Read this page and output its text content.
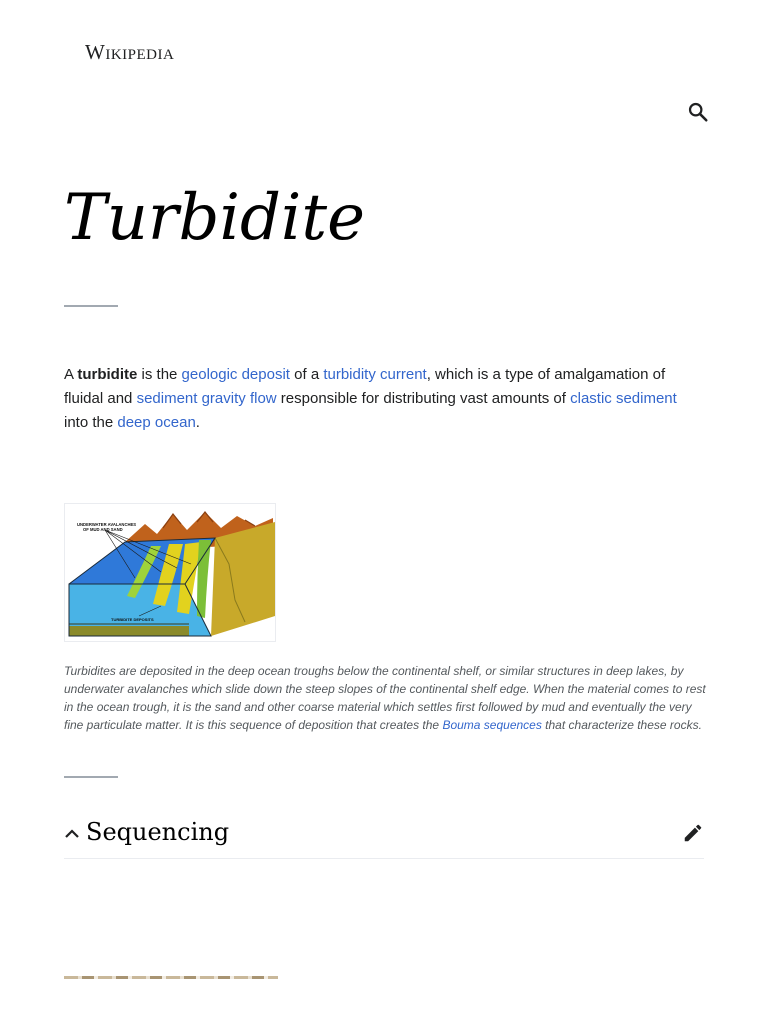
Wikipedia
Turbidite

A turbidite is the geologic deposit of a turbidity current, which is a type of amalgamation of fluidal and sediment gravity flow responsible for distributing vast amounts of clastic sediment into the deep ocean.

UNDERWATER AVALANCHES
OF MUD AND SAND
TURBIDITE DEPOSITS

Turbidites are deposited in the deep ocean troughs below the continental shelf, or similar structures in deep lakes, by underwater avalanches which slide down the steep slopes of the continental shelf edge. When the material comes to rest in the ocean trough, it is the sand and other coarse material which settles first followed by mud and eventually the very fine particulate matter. It is this sequence of deposition that creates the Bouma sequences that characterize these rocks.

Sequencing
